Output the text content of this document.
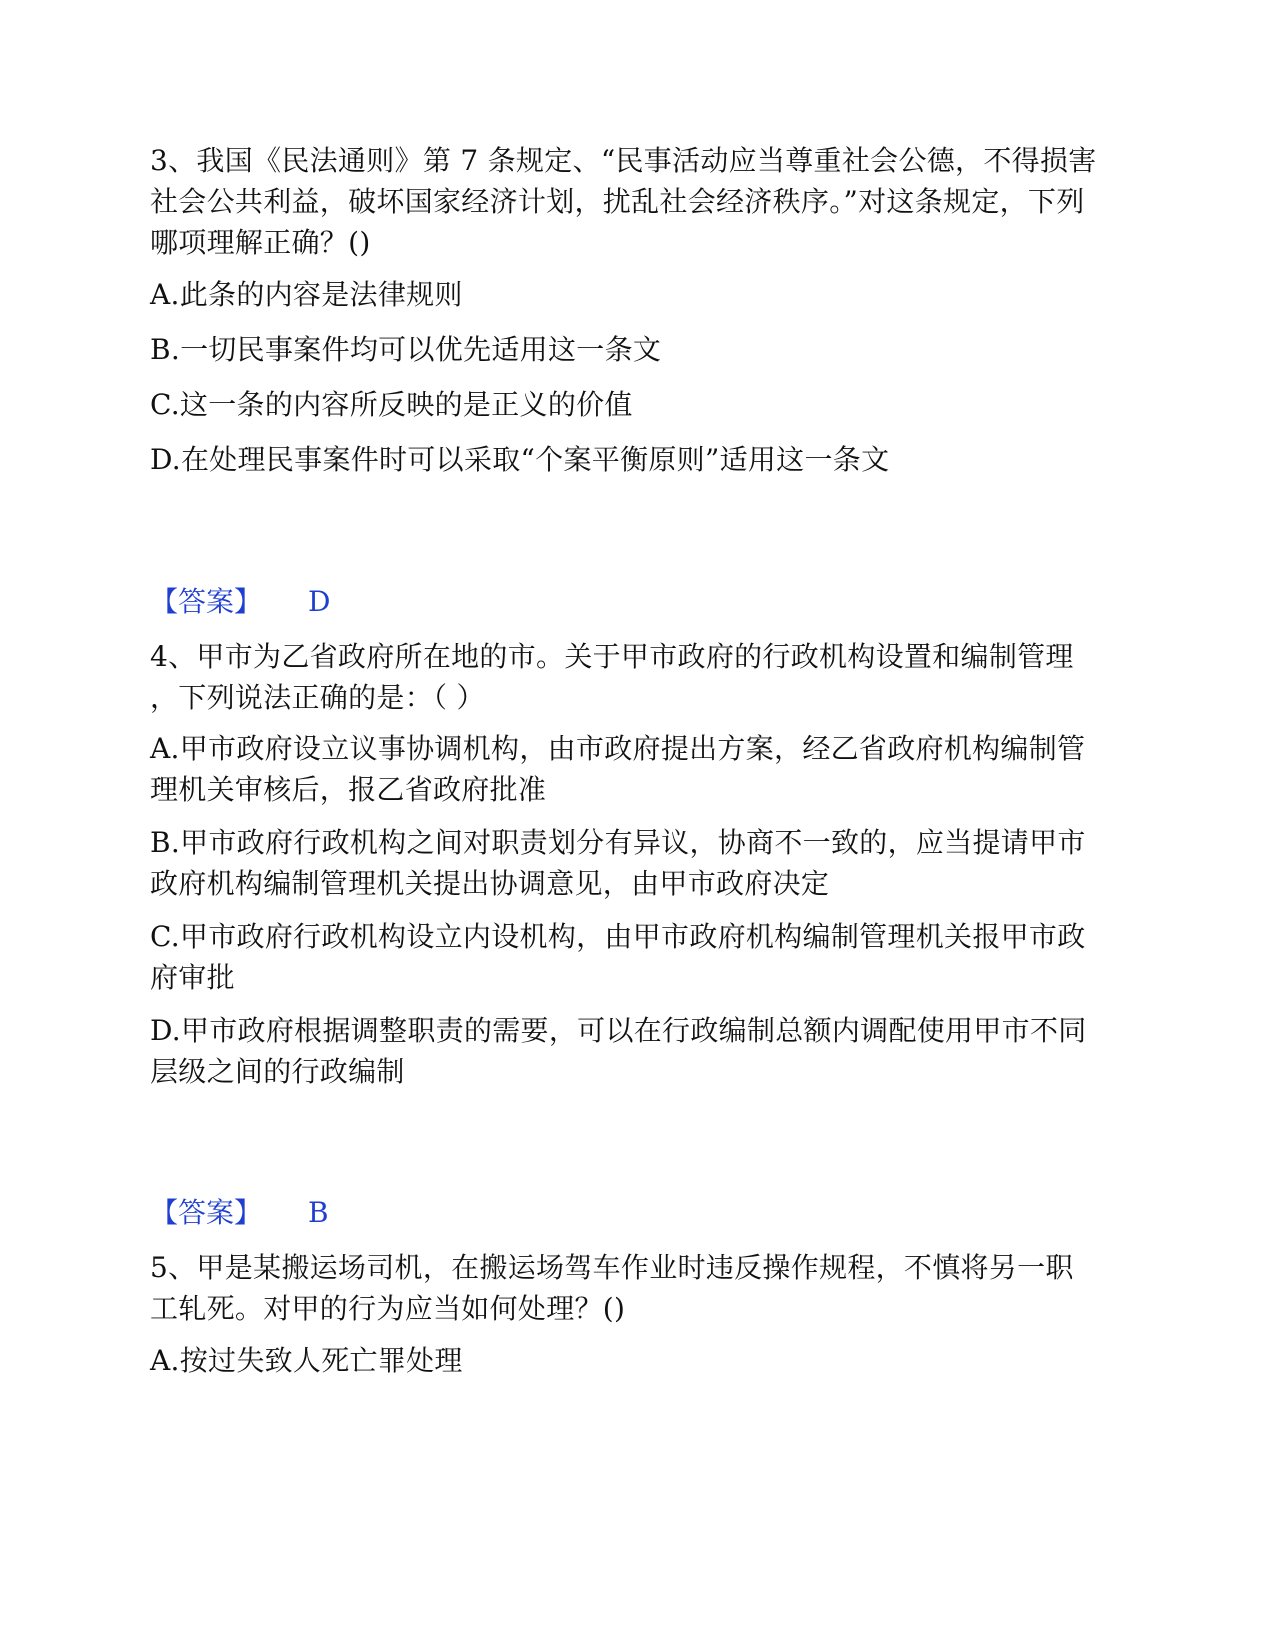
3、我国《民法通则》第 7 条规定、“民事活动应当尊重社会公德，不得损害
社会公共利益，破坏国家经济计划，扰乱社会经济秩序。”对这条规定，下列
哪项理解正确？()
A.此条的内容是法律规则
B.一切民事案件均可以优先适用这一条文
C.这一条的内容所反映的是正义的价值
D.在处理民事案件时可以采取“个案平衡原则”适用这一条文
【答案】 D
4、甲市为乙省政府所在地的市。关于甲市政府的行政机构设置和编制管理
，下列说法正确的是：（ ）
A.甲市政府设立议事协调机构，由市政府提出方案，经乙省政府机构编制管
理机关审核后，报乙省政府批准
B.甲市政府行政机构之间对职责划分有异议，协商不一致的，应当提请甲市
政府机构编制管理机关提出协调意见，由甲市政府决定
C.甲市政府行政机构设立内设机构，由甲市政府机构编制管理机关报甲市政
府审批
D.甲市政府根据调整职责的需要，可以在行政编制总额内调配使用甲市不同
层级之间的行政编制
【答案】 B
5、甲是某搬运场司机，在搬运场驾车作业时违反操作规程，不慎将另一职
工轧死。对甲的行为应当如何处理？()
A.按过失致人死亡罪处理
